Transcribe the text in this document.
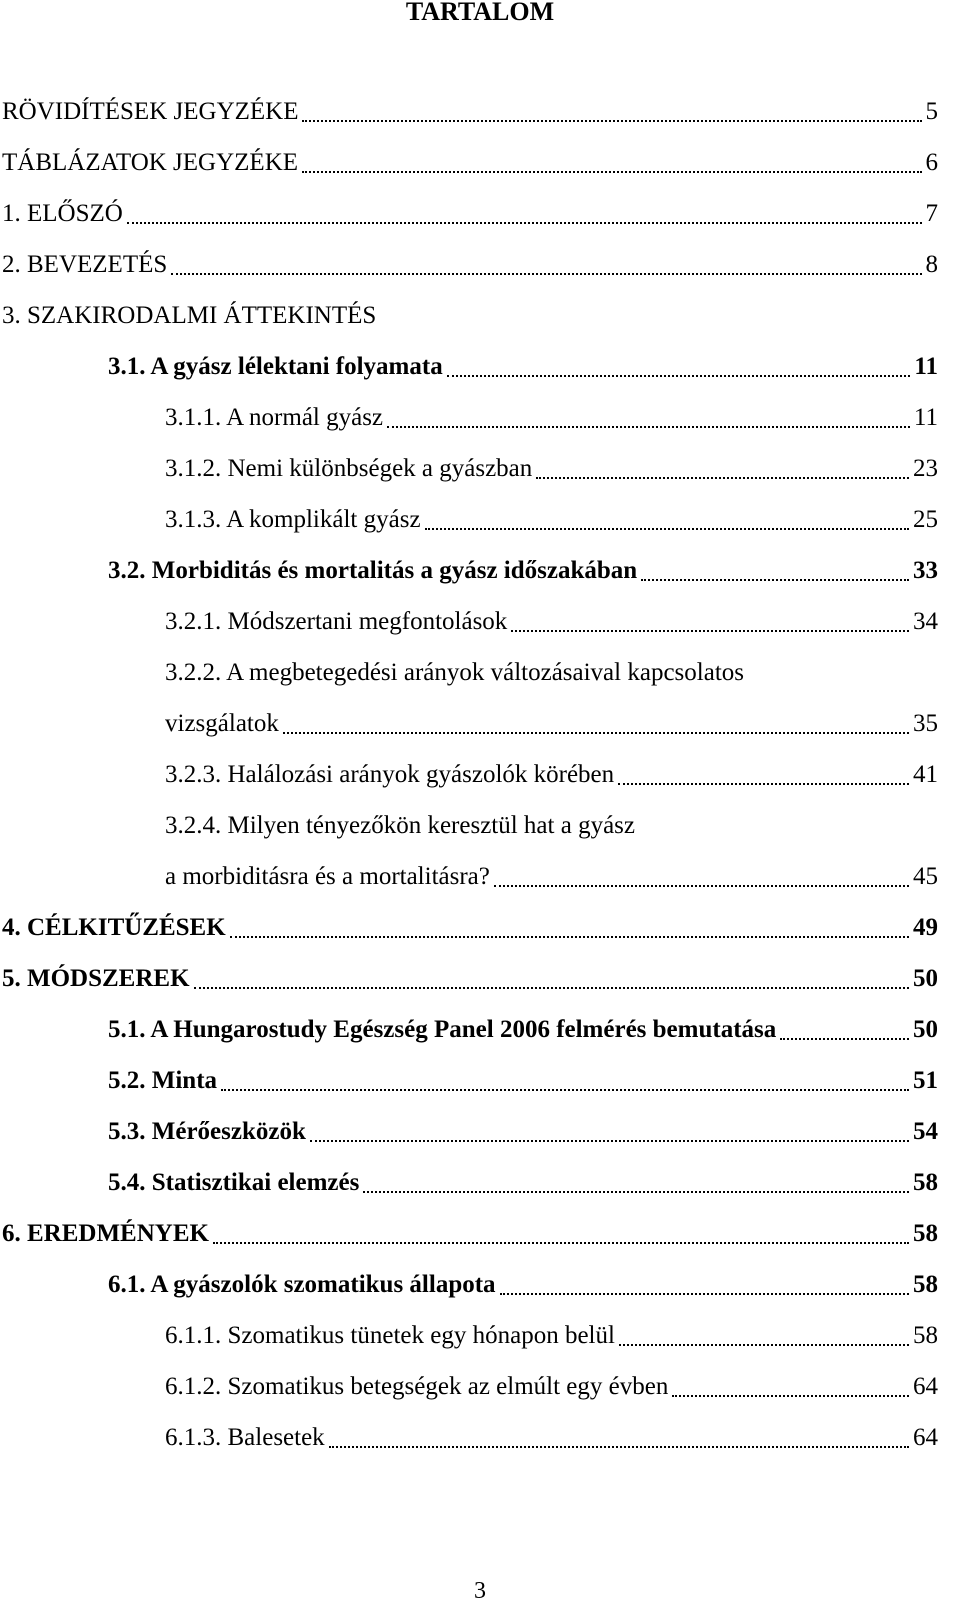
TARTALOM
RÖVIDÍTÉSEK JEGYZÉKE	5
TÁBLÁZATOK JEGYZÉKE	6
1. ELŐSZÓ	7
2. BEVEZETÉS	8
3. SZAKIRODALMI ÁTTEKINTÉS
3.1. A gyász lélektani folyamata	11
3.1.1. A normál gyász	11
3.1.2. Nemi különbségek a gyászban	23
3.1.3. A komplikált gyász	25
3.2. Morbiditás és mortalitás a gyász időszakában	33
3.2.1. Módszertani megfontolások	34
3.2.2. A megbetegedési arányok változásaival kapcsolatos
vizsgálatok	35
3.2.3. Halálozási arányok gyászolók körében	41
3.2.4. Milyen tényezőkön keresztül hat a gyász
a morbiditásra és a mortalitásra?	45
4. CÉLKITŰZÉSEK	49
5. MÓDSZEREK	50
5.1. A Hungarostudy Egészség Panel 2006 felmérés bemutatása	50
5.2. Minta	51
5.3. Mérőeszközök	54
5.4. Statisztikai elemzés	58
6. EREDMÉNYEK	58
6.1. A gyászolók szomatikus állapota	58
6.1.1. Szomatikus tünetek egy hónapon belül	58
6.1.2. Szomatikus betegségek az elmúlt egy évben	64
6.1.3. Balesetek	64
3
